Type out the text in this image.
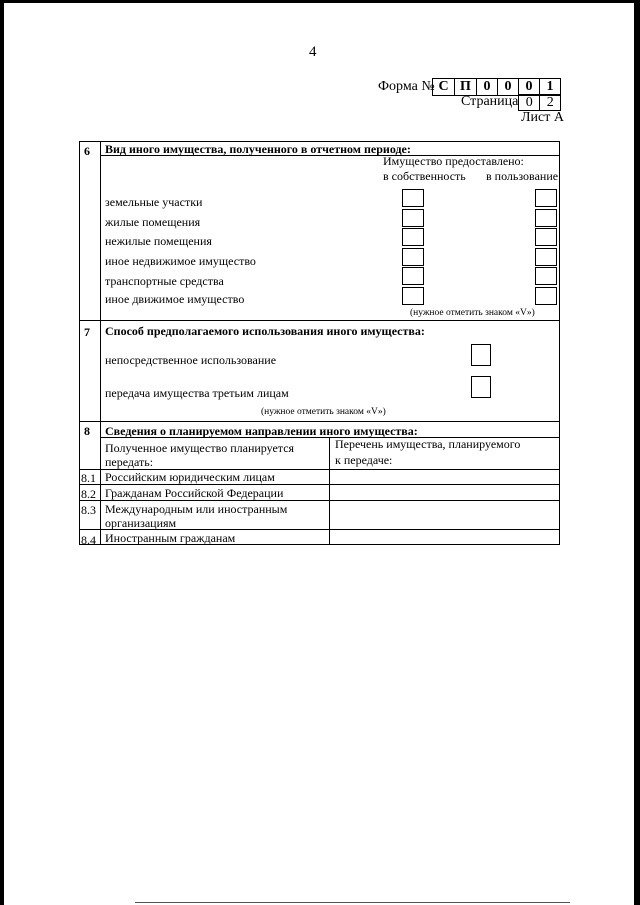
4
Форма № С П 0	0	0	1
Страница 0	2
Лист А
6 Вид иного имущества, полученного в отчетном периоде:
Имущество предоставлено:
в собственность в пользование
земельные участки
жилые помещения
нежилые помещения
иное недвижимое имущество
транспортные средства
иное движимое имущество
(нужное отметить знаком «V»)
7 Способ предполагаемого использования иного имущества:
непосредственное использование
передача имущества третьим лицам
(нужное отметить знаком «V»)
8 Сведения о планируемом направлении иного имущества:
Полученное имущество планируется
передать:
Перечень имущества, планируемого
к передаче:
8.1 Российским юридическим лицам
8.2 Гражданам Российской Федерации
8.3 Международным или иностранным
организациям
8.4 Иностранным гражданам
